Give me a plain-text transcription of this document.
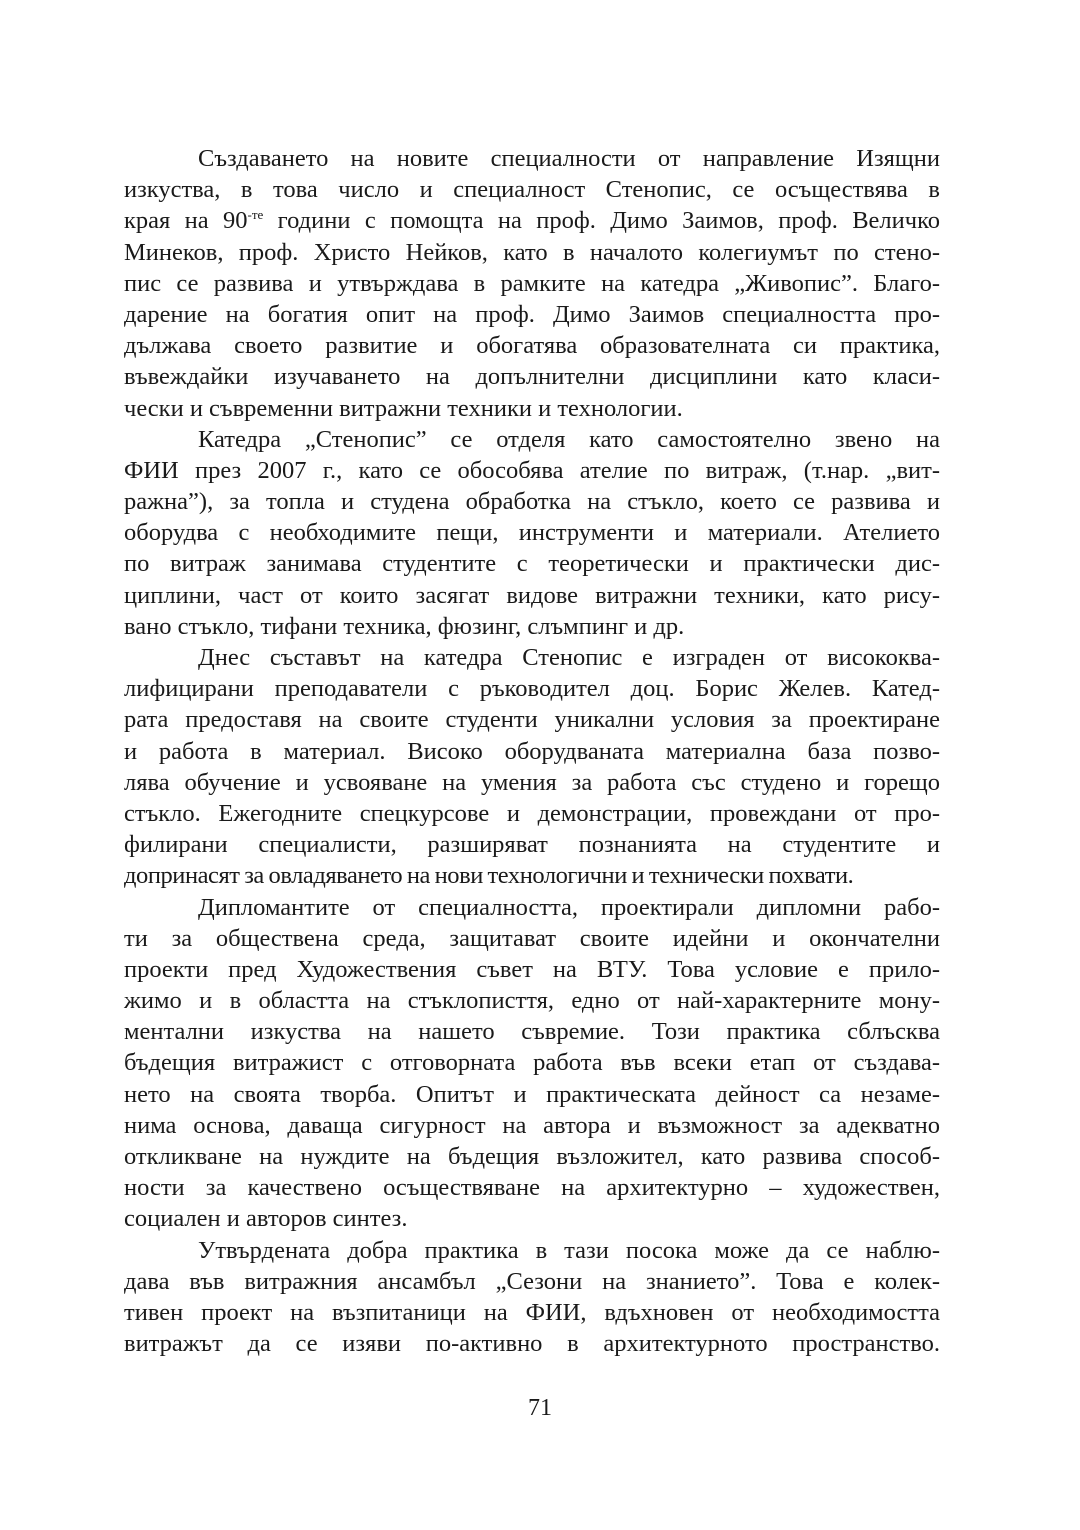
Създаването на новите специалности от направление Изящни
изкуства, в това число и специалност Стенопис, се осъществява в
края на $90^{-те}$ години с помощта на проф. Димо Заимов, проф. Величко
Минеков, проф. Христо Нейков, като в началото колегиумът по стено-
пис се развива и утвърждава в рамките на катедра „Живопис”. Благо-
дарение на богатия опит на проф. Димо Заимов специалността про-
дължава своето развитие и обогатява образователната си практика,
въвеждайки изучаването на допълнителни дисциплини като класи-
чески и съвременни витражни техники и технологии.
Катедра „Стенопис” се отделя като самостоятелно звено на
ФИИ през 2007 г., като се обособява ателие по витраж, (т.нар. „вит-
ражна”), за топла и студена обработка на стъкло, което се развива и
оборудва с необходимите пещи, инструменти и материали. Ателието
по витраж занимава студентите с теоретически и практически дис-
циплини, част от които засягат видове витражни техники, като рису-
вано стъкло, тифани техника, фюзинг, слъмпинг и др.
Днес съставът на катедра Стенопис е изграден от висококва-
лифицирани преподаватели с ръководител доц. Борис Желев. Катед-
рата предоставя на своите студенти уникални условия за проектиране
и работа в материал. Високо оборудваната материална база позво-
лява обучение и усвояване на умения за работа със студено и горещо
стъкло. Ежегодните спецкурсове и демонстрации, провеждани от про-
филирани специалисти, разширяват познанията на студентите и
допринасят за овладяването на нови технологични и технически похвати.
Дипломантите от специалността, проектирали дипломни рабо-
ти за обществена среда, защитават своите идейни и окончателни
проекти пред Художествения съвет на ВТУ. Това условие е прило-
жимо и в областта на стъклописття, едно от най-характерните мону-
ментални изкуства на нашето съвремие. Този практика сблъсква
бъдещия витражист с отговорната работа във всеки етап от създава-
нето на своята творба. Опитът и практическата дейност са незаме-
нима основа, даваща сигурност на автора и възможност за адекватно
откликване на нуждите на бъдещия възложител, като развива способ-
ности за качествено осъществяване на архитектурно – художествен,
социален и авторов синтез.
Утвърдената добра практика в тази посока може да се наблю-
дава във витражния ансамбъл „Сезони на знанието”. Това е колек-
тивен проект на възпитаници на ФИИ, вдъхновен от необходимостта
витражът да се изяви по-активно в архитектурното пространство.
71
